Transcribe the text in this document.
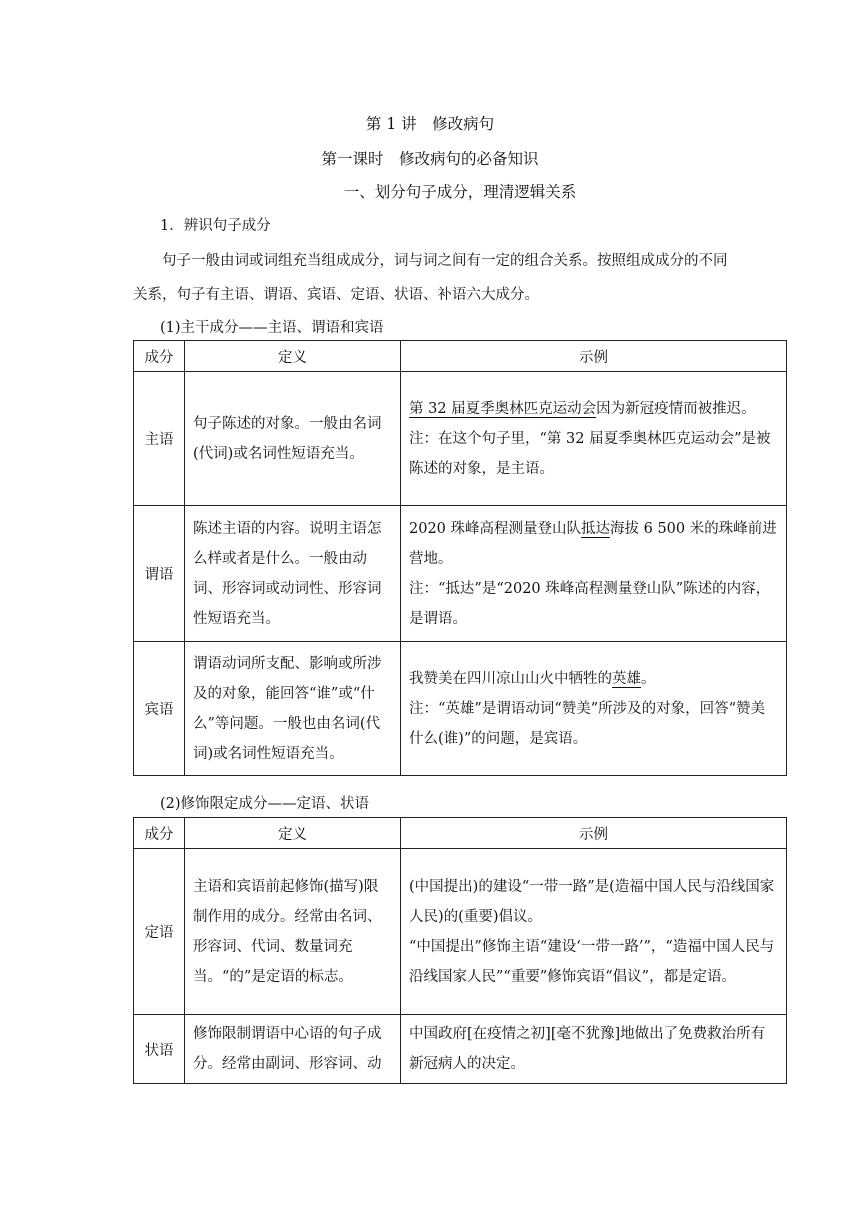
第 1 讲　修改病句
第一课时　修改病句的必备知识
一、划分句子成分，理清逻辑关系
1．辨识句子成分
句子一般由词或词组充当组成成分，词与词之间有一定的组合关系。按照组成成分的不同关系，句子有主语、谓语、宾语、定语、状语、补语六大成分。
(1)主干成分——主语、谓语和宾语
成分	定义	示例
主语	句子陈述的对象。一般由名词(代词)或名词性短语充当。	第 32 届夏季奥林匹克运动会因为新冠疫情而被推迟。
注：在这个句子里，“第 32 届夏季奥林匹克运动会”是被陈述的对象，是主语。

谓语	陈述主语的内容。说明主语怎么样或者是什么。一般由动词、形容词或动词性、形容词性短语充当。	2020 珠峰高程测量登山队抵达海拔 6 500 米的珠峰前进营地。
注：“抵达”是“2020 珠峰高程测量登山队”陈述的内容，是谓语。

宾语	谓语动词所支配、影响或所涉及的对象，能回答“谁”或“什么”等问题。一般也由名词(代词)或名词性短语充当。	我赞美在四川凉山山火中牺牲的英雄。
注：“英雄”是谓语动词“赞美”所涉及的对象，回答“赞美什么(谁)”的问题，是宾语。
(2)修饰限定成分——定语、状语
成分	定义	示例
定语	主语和宾语前起修饰(描写)限制作用的成分。经常由名词、形容词、代词、数量词充当。“的”是定语的标志。	(中国提出)的建设“一带一路”是(造福中国人民与沿线国家人民)的(重要)倡议。
“中国提出”修饰主语“建设‘一带一路’”，“造福中国人民与沿线国家人民”“重要”修饰宾语“倡议”，都是定语。

状语	修饰限制谓语中心语的句子成分。经常由副词、形容词、动	中国政府[在疫情之初][毫不犹豫]地做出了免费救治所有新冠病人的决定。
